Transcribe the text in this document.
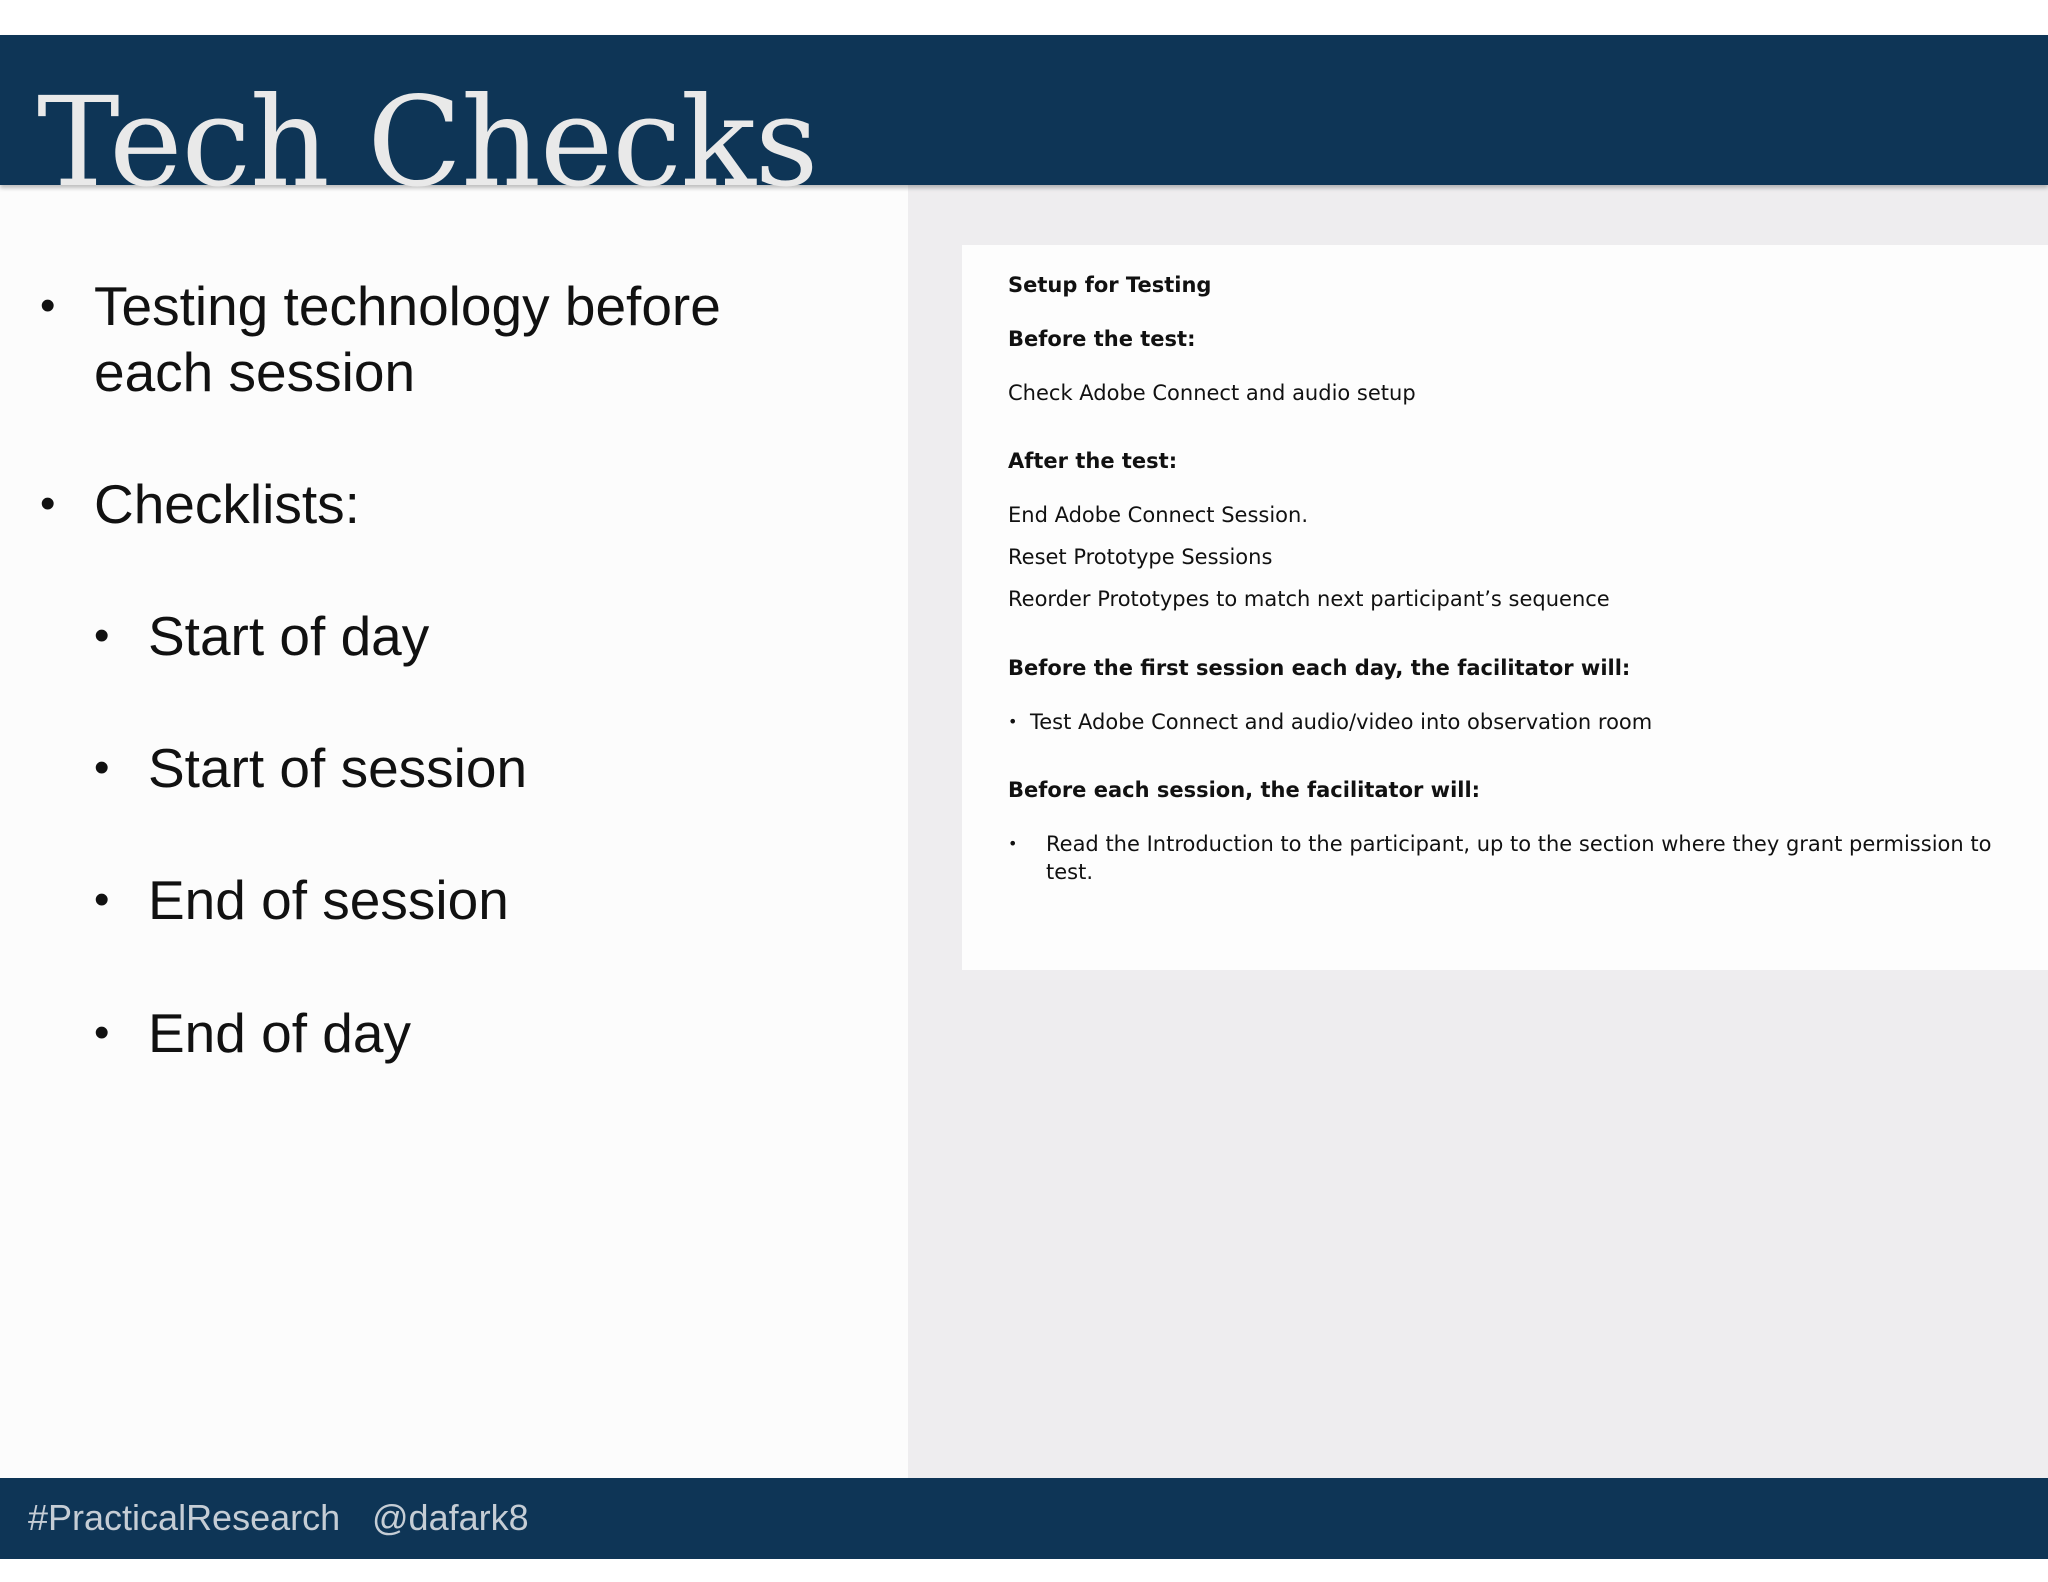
Tech Checks
• Testing technology before
each session
• Checklists:
• Start of day
• Start of session
• End of session
• End of day
Setup for Testing
Before the test:
Check Adobe Connect and audio setup
After the test:
End Adobe Connect Session.
Reset Prototype Sessions
Reorder Prototypes to match next participant’s sequence
Before the first session each day, the facilitator will:
• Test Adobe Connect and audio/video into observation room
Before each session, the facilitator will:
• Read the Introduction to the participant, up to the section where they grant permission to test.
#PracticalResearch @dafark8
